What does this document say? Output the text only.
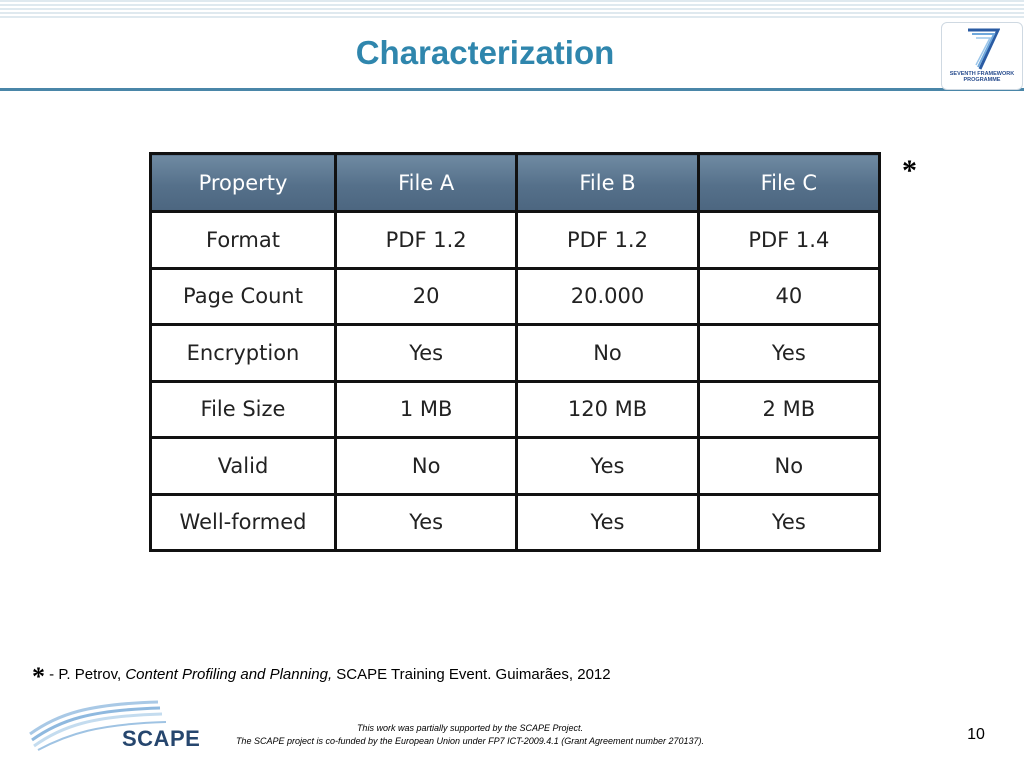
Characterization
SEVENTH FRAMEWORK
PROGRAMME
Property	File A	File B	File C
Format	PDF 1.2	PDF 1.2	PDF 1.4
Page Count	20	20.000	40
Encryption	Yes	No	Yes
File Size	1 MB	120 MB	2 MB
Valid	No	Yes	No
Well-formed	Yes	Yes	Yes
*
* - P. Petrov, Content Profiling and Planning, SCAPE Training Event. Guimarães, 2012
SCAPE	This work was partially supported by the SCAPE Project.
The SCAPE project is co-funded by the European Union under FP7 ICT-2009.4.1 (Grant Agreement number 270137).	10
